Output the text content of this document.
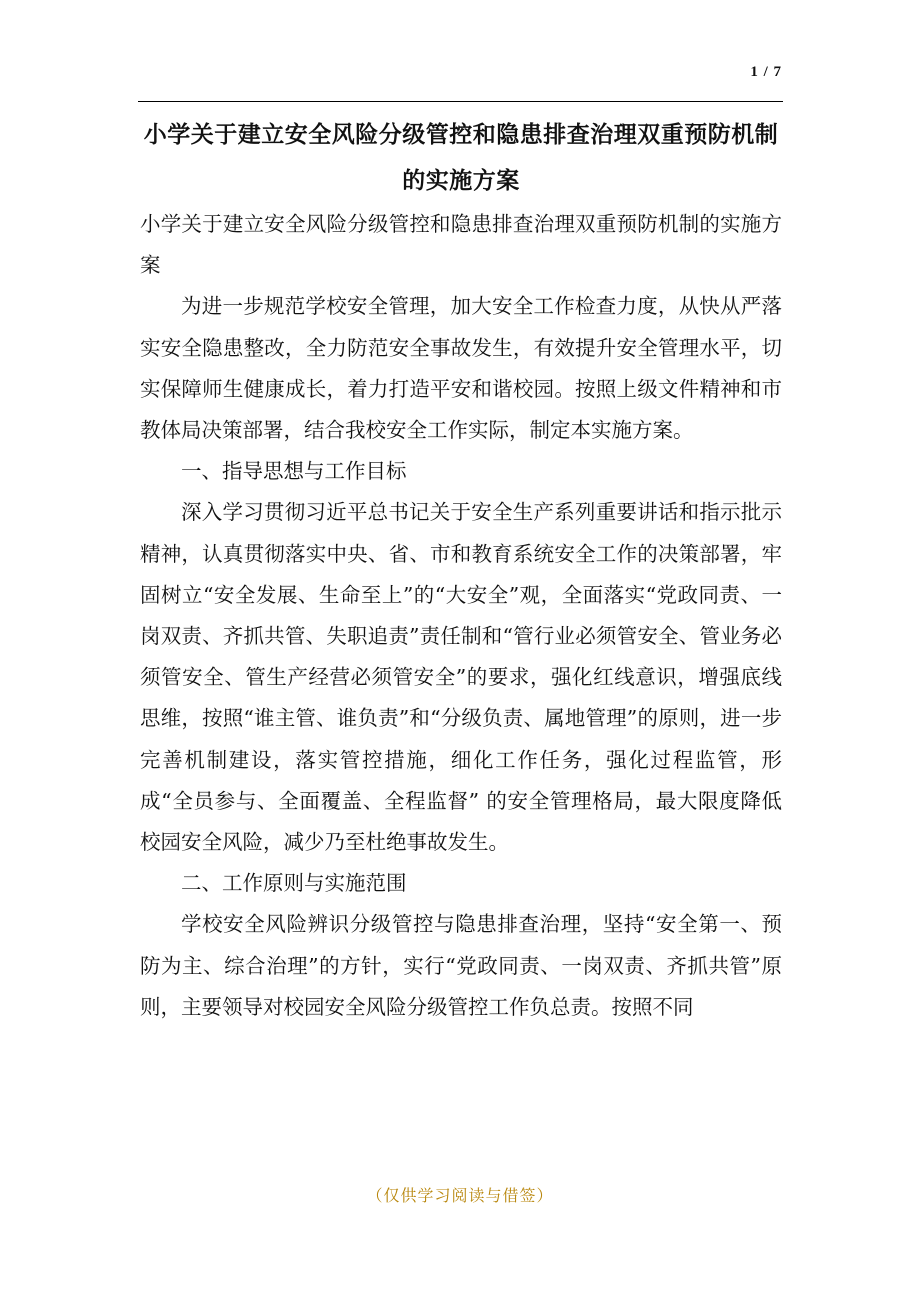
1 / 7
小学关于建立安全风险分级管控和隐患排查治理双重预防机制的实施方案

小学关于建立安全风险分级管控和隐患排查治理双重预防机制的实施方案

为进一步规范学校安全管理，加大安全工作检查力度，从快从严落实安全隐患整改，全力防范安全事故发生，有效提升安全管理水平，切实保障师生健康成长，着力打造平安和谐校园。按照上级文件精神和市教体局决策部署，结合我校安全工作实际，制定本实施方案。

一、指导思想与工作目标

深入学习贯彻习近平总书记关于安全生产系列重要讲话和指示批示精神，认真贯彻落实中央、省、市和教育系统安全工作的决策部署，牢固树立“安全发展、生命至上”的“大安全”观，全面落实“党政同责、一岗双责、齐抓共管、失职追责”责任制和“管行业必须管安全、管业务必须管安全、管生产经营必须管安全”的要求，强化红线意识，增强底线思维，按照“谁主管、谁负责”和“分级负责、属地管理”的原则，进一步完善机制建设，落实管控措施，细化工作任务，强化过程监管，形成“全员参与、全面覆盖、全程监督” 的安全管理格局，最大限度降低校园安全风险，减少乃至杜绝事故发生。

二、工作原则与实施范围

学校安全风险辨识分级管控与隐患排查治理，坚持“安全第一、预防为主、综合治理”的方针，实行“党政同责、一岗双责、齐抓共管”原则，主要领导对校园安全风险分级管控工作负总责。按照不同

（仅供学习阅读与借签）
